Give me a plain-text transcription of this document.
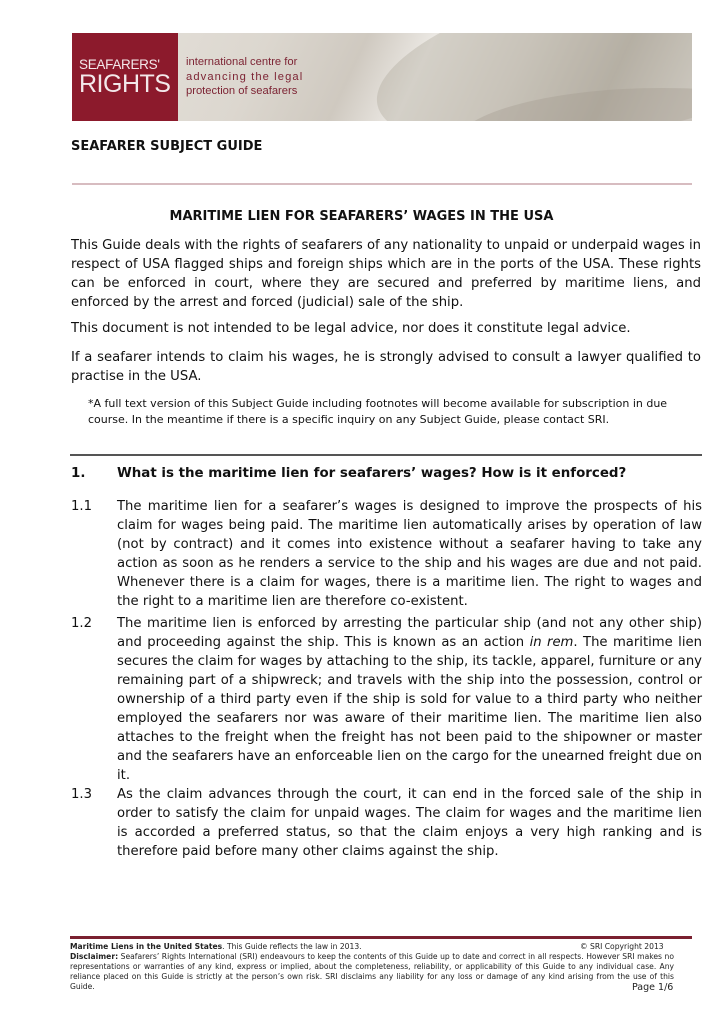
SEAFARERS'
RIGHTS
international centre for
advancing the legal
protection of seafarers
SEAFARER SUBJECT GUIDE
MARITIME LIEN FOR SEAFARERS’ WAGES IN THE USA
This Guide deals with the rights of seafarers of any nationality to unpaid or underpaid wages in respect of USA flagged ships and foreign ships which are in the ports of the USA. These rights can be enforced in court, where they are secured and preferred by maritime liens, and enforced by the arrest and forced (judicial) sale of the ship.
This document is not intended to be legal advice, nor does it constitute legal advice.
If a seafarer intends to claim his wages, he is strongly advised to consult a lawyer qualified to practise in the USA.
*A full text version of this Subject Guide including footnotes will become available for subscription in due course. In the meantime if there is a specific inquiry on any Subject Guide, please contact SRI.
1. What is the maritime lien for seafarers’ wages? How is it enforced?
1.1 The maritime lien for a seafarer’s wages is designed to improve the prospects of his claim for wages being paid. The maritime lien automatically arises by operation of law (not by contract) and it comes into existence without a seafarer having to take any action as soon as he renders a service to the ship and his wages are due and not paid. Whenever there is a claim for wages, there is a maritime lien. The right to wages and the right to a maritime lien are therefore co-existent.
1.2 The maritime lien is enforced by arresting the particular ship (and not any other ship) and proceeding against the ship. This is known as an action in rem. The maritime lien secures the claim for wages by attaching to the ship, its tackle, apparel, furniture or any remaining part of a shipwreck; and travels with the ship into the possession, control or ownership of a third party even if the ship is sold for value to a third party who neither employed the seafarers nor was aware of their maritime lien. The maritime lien also attaches to the freight when the freight has not been paid to the shipowner or master and the seafarers have an enforceable lien on the cargo for the unearned freight due on it.
1.3 As the claim advances through the court, it can end in the forced sale of the ship in order to satisfy the claim for unpaid wages. The claim for wages and the maritime lien is accorded a preferred status, so that the claim enjoys a very high ranking and is therefore paid before many other claims against the ship.
Maritime Liens in the United States. This Guide reflects the law in 2013.	© SRI Copyright 2013
Disclaimer: Seafarers’ Rights International (SRI) endeavours to keep the contents of this Guide up to date and correct in all respects. However SRI makes no representations or warranties of any kind, express or implied, about the completeness, reliability, or applicability of this Guide to any individual case. Any reliance placed on this Guide is strictly at the person’s own risk. SRI disclaims any liability for any loss or damage of any kind arising from the use of this Guide.	Page 1/6
